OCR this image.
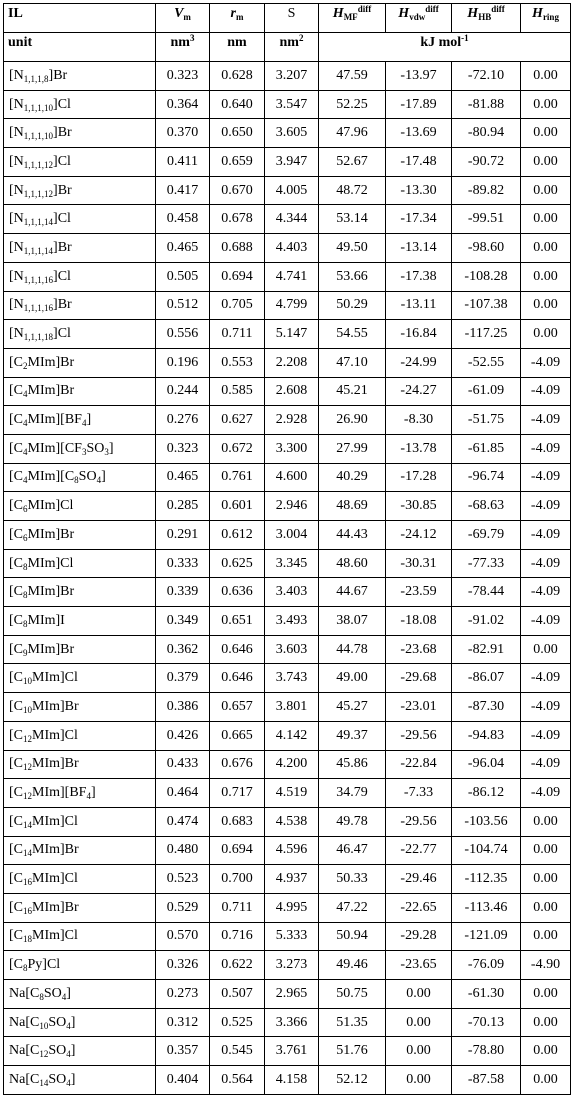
IL	$V_m$	$r_m$	S	$H_{MF}^{diff}$	$H_{vdw}^{diff}$	$H_{HB}^{diff}$	$H_{ring}$
unit	$nm^3$	nm	$nm^2$	kJ mol$^{-1}$
$[N_{1,1,1,8}]Br$	0.323	0.628	3.207	47.59	-13.97	-72.10	0.00
$[N_{1,1,1,10}]Cl$	0.364	0.640	3.547	52.25	-17.89	-81.88	0.00
$[N_{1,1,1,10}]Br$	0.370	0.650	3.605	47.96	-13.69	-80.94	0.00
$[N_{1,1,1,12}]Cl$	0.411	0.659	3.947	52.67	-17.48	-90.72	0.00
$[N_{1,1,1,12}]Br$	0.417	0.670	4.005	48.72	-13.30	-89.82	0.00
$[N_{1,1,1,14}]Cl$	0.458	0.678	4.344	53.14	-17.34	-99.51	0.00
$[N_{1,1,1,14}]Br$	0.465	0.688	4.403	49.50	-13.14	-98.60	0.00
$[N_{1,1,1,16}]Cl$	0.505	0.694	4.741	53.66	-17.38	-108.28	0.00
$[N_{1,1,1,16}]Br$	0.512	0.705	4.799	50.29	-13.11	-107.38	0.00
$[N_{1,1,1,18}]Cl$	0.556	0.711	5.147	54.55	-16.84	-117.25	0.00
$[C_2MIm]Br$	0.196	0.553	2.208	47.10	-24.99	-52.55	-4.09
$[C_4MIm]Br$	0.244	0.585	2.608	45.21	-24.27	-61.09	-4.09
$[C_4MIm][BF_4]$	0.276	0.627	2.928	26.90	-8.30	-51.75	-4.09
$[C_4MIm][CF_3SO_3]$	0.323	0.672	3.300	27.99	-13.78	-61.85	-4.09
$[C_4MIm][C_8SO_4]$	0.465	0.761	4.600	40.29	-17.28	-96.74	-4.09
$[C_6MIm]Cl$	0.285	0.601	2.946	48.69	-30.85	-68.63	-4.09
$[C_6MIm]Br$	0.291	0.612	3.004	44.43	-24.12	-69.79	-4.09
$[C_8MIm]Cl$	0.333	0.625	3.345	48.60	-30.31	-77.33	-4.09
$[C_8MIm]Br$	0.339	0.636	3.403	44.67	-23.59	-78.44	-4.09
$[C_8MIm]I$	0.349	0.651	3.493	38.07	-18.08	-91.02	-4.09
$[C_9MIm]Br$	0.362	0.646	3.603	44.78	-23.68	-82.91	0.00
$[C_{10}MIm]Cl$	0.379	0.646	3.743	49.00	-29.68	-86.07	-4.09
$[C_{10}MIm]Br$	0.386	0.657	3.801	45.27	-23.01	-87.30	-4.09
$[C_{12}MIm]Cl$	0.426	0.665	4.142	49.37	-29.56	-94.83	-4.09
$[C_{12}MIm]Br$	0.433	0.676	4.200	45.86	-22.84	-96.04	-4.09
$[C_{12}MIm][BF_4]$	0.464	0.717	4.519	34.79	-7.33	-86.12	-4.09
$[C_{14}MIm]Cl$	0.474	0.683	4.538	49.78	-29.56	-103.56	0.00
$[C_{14}MIm]Br$	0.480	0.694	4.596	46.47	-22.77	-104.74	0.00
$[C_{16}MIm]Cl$	0.523	0.700	4.937	50.33	-29.46	-112.35	0.00
$[C_{16}MIm]Br$	0.529	0.711	4.995	47.22	-22.65	-113.46	0.00
$[C_{18}MIm]Cl$	0.570	0.716	5.333	50.94	-29.28	-121.09	0.00
$[C_8Py]Cl$	0.326	0.622	3.273	49.46	-23.65	-76.09	-4.90
$Na[C_8SO_4]$	0.273	0.507	2.965	50.75	0.00	-61.30	0.00
$Na[C_{10}SO_4]$	0.312	0.525	3.366	51.35	0.00	-70.13	0.00
$Na[C_{12}SO_4]$	0.357	0.545	3.761	51.76	0.00	-78.80	0.00
$Na[C_{14}SO_4]$	0.404	0.564	4.158	52.12	0.00	-87.58	0.00
